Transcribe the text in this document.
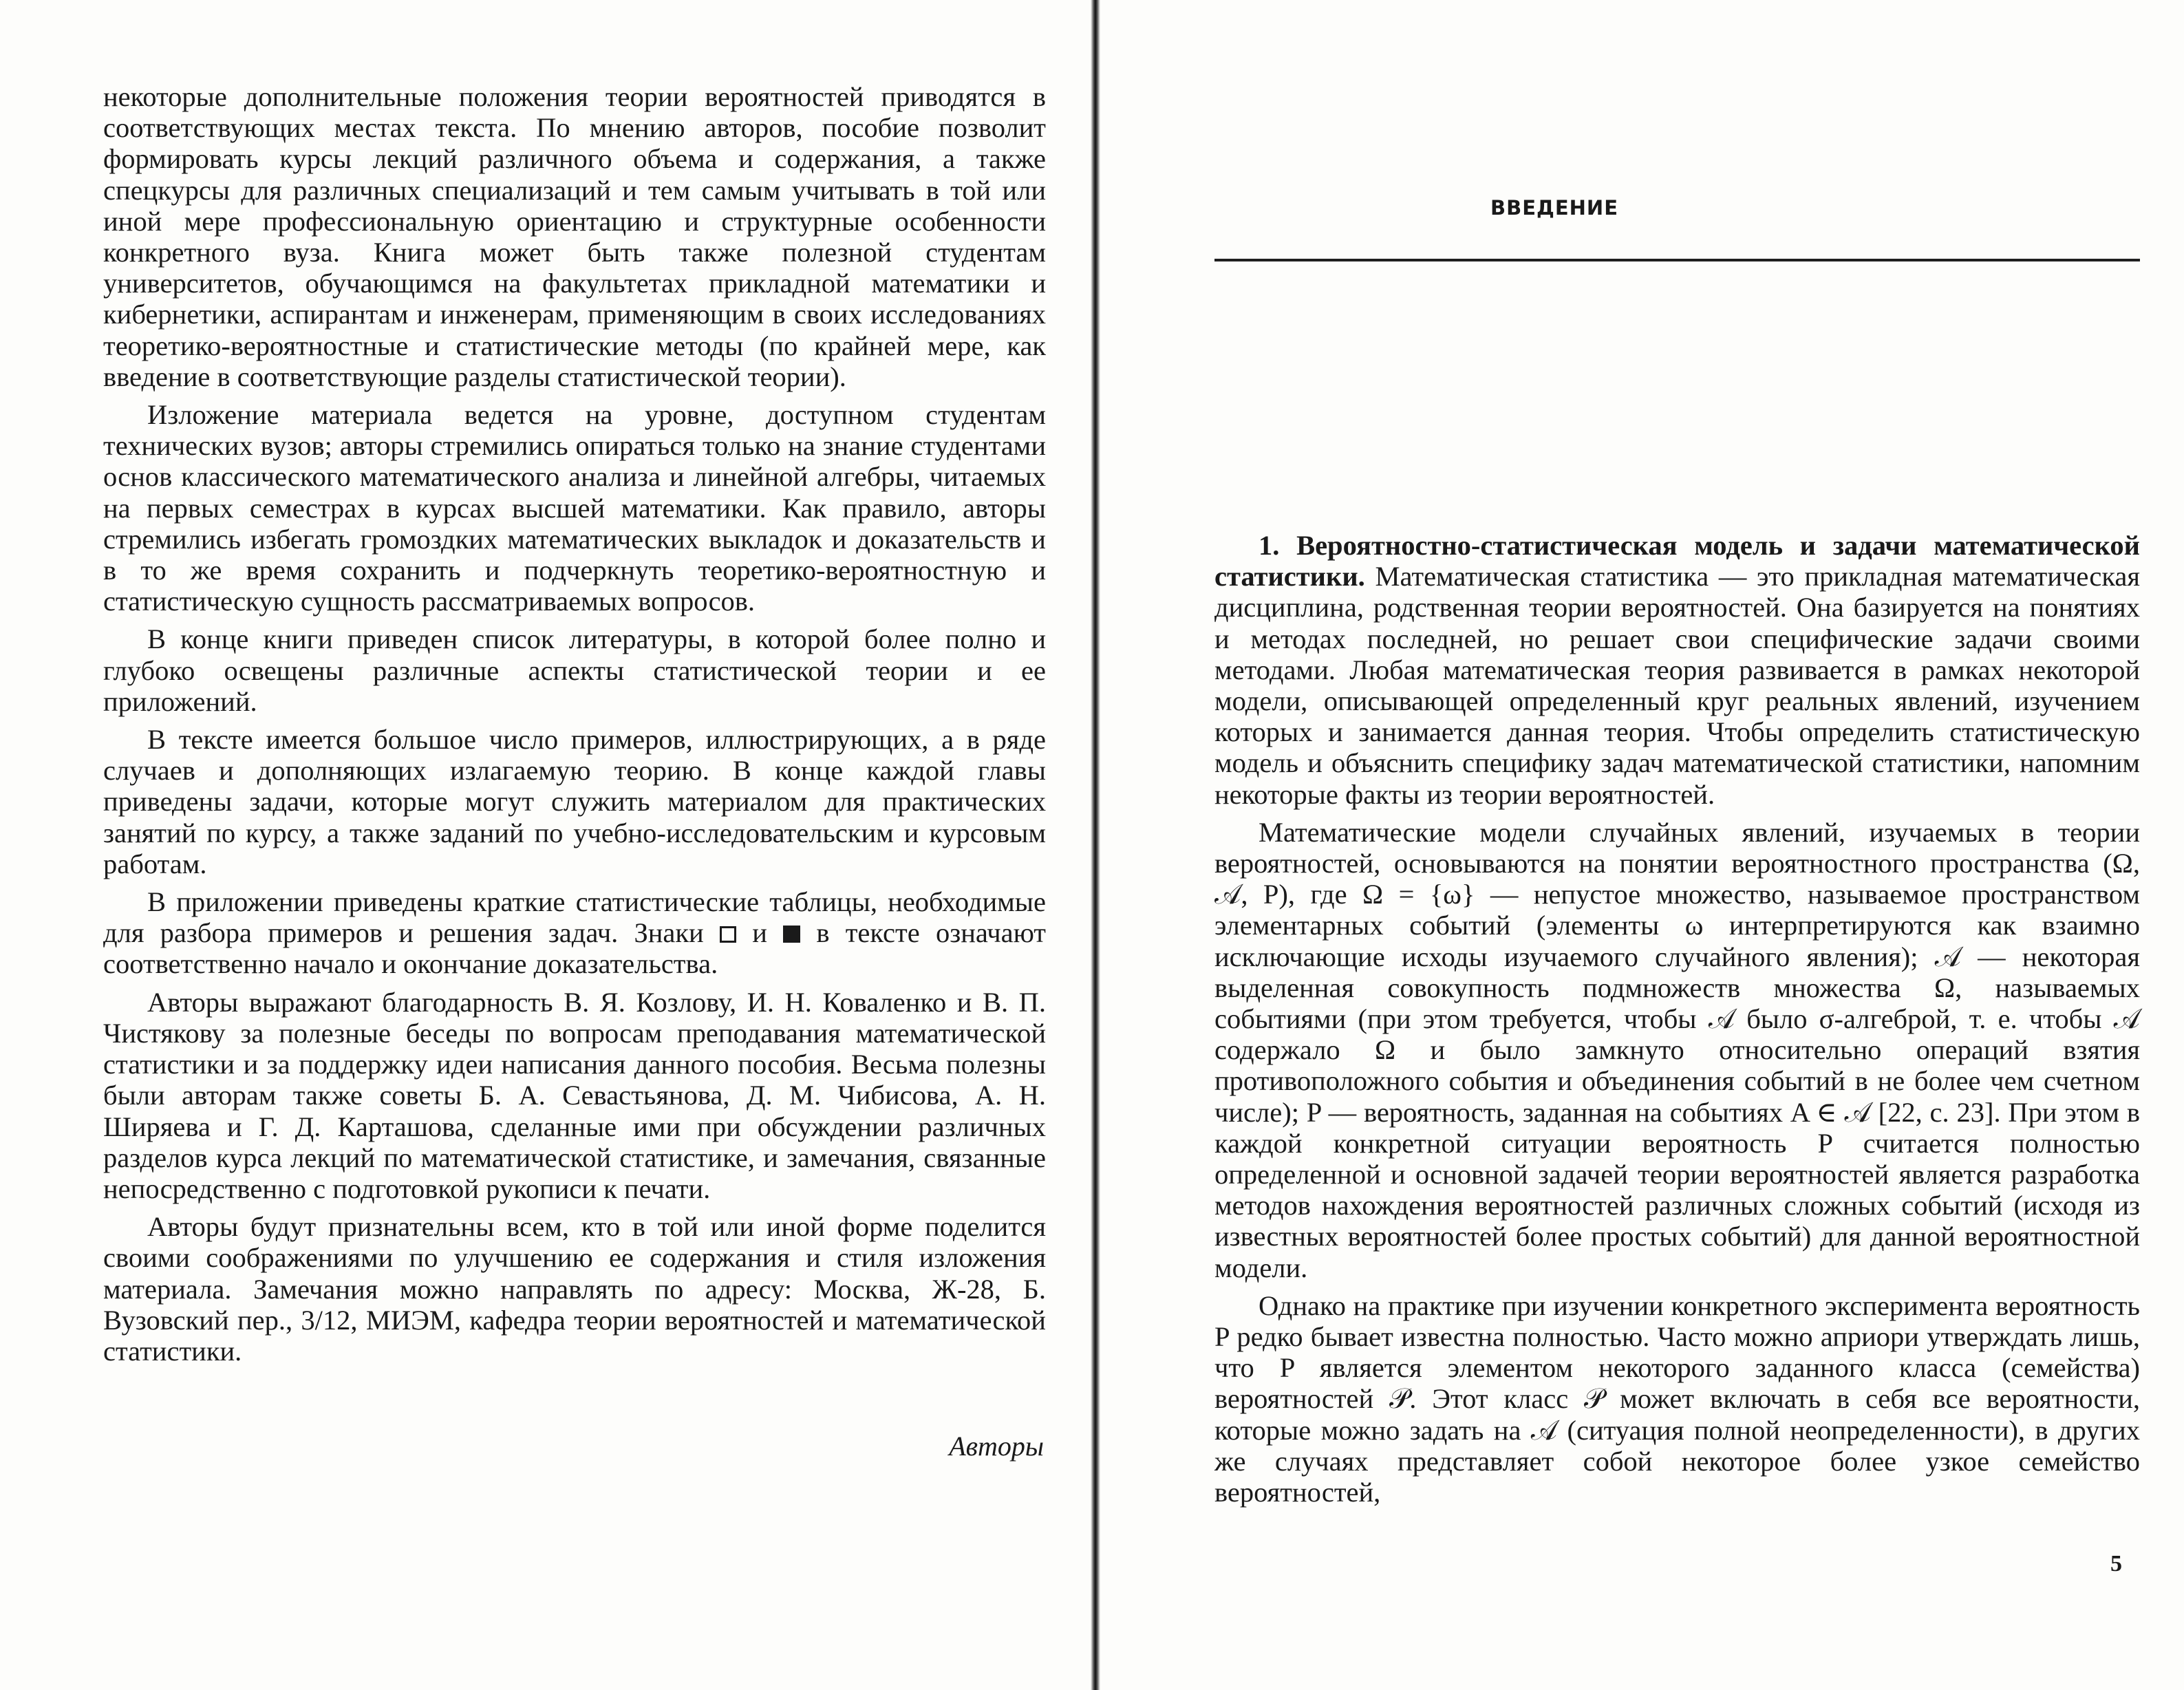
некоторые дополнительные положения теории вероятностей приводятся в соответствующих местах текста. По мнению авторов, пособие позволит формировать курсы лекций различного объема и содержания, а также спецкурсы для различных специализаций и тем самым учитывать в той или иной мере профессиональную ориентацию и структурные особенности конкретного вуза. Книга может быть также полезной студентам университетов, обучающимся на факультетах прикладной математики и кибернетики, аспирантам и инженерам, применяющим в своих исследованиях теоретико-вероятностные и статистические методы (по крайней мере, как введение в соответствующие разделы статистической теории).

Изложение материала ведется на уровне, доступном студентам технических вузов; авторы стремились опираться только на знание студентами основ классического математического анализа и линейной алгебры, читаемых на первых семестрах в курсах высшей математики. Как правило, авторы стремились избегать громоздких математических выкладок и доказательств и в то же время сохранить и подчеркнуть теоретико-вероятностную и статистическую сущность рассматриваемых вопросов.

В конце книги приведен список литературы, в которой более полно и глубоко освещены различные аспекты статистической теории и ее приложений.

В тексте имеется большое число примеров, иллюстрирующих, а в ряде случаев и дополняющих излагаемую теорию. В конце каждой главы приведены задачи, которые могут служить материалом для практических занятий по курсу, а также заданий по учебно-исследовательским и курсовым работам.

В приложении приведены краткие статистические таблицы, необходимые для разбора примеров и решения задач. Знаки и в тексте означают соответственно начало и окончание доказательства.

Авторы выражают благодарность В. Я. Козлову, И. Н. Коваленко и В. П. Чистякову за полезные беседы по вопросам преподавания математической статистики и за поддержку идеи написания данного пособия. Весьма полезны были авторам также советы Б. А. Севастьянова, Д. М. Чибисова, А. Н. Ширяева и Г. Д. Карташова, сделанные ими при обсуждении различных разделов курса лекций по математической статистике, и замечания, связанные непосредственно с подготовкой рукописи к печати.

Авторы будут признательны всем, кто в той или иной форме поделится своими соображениями по улучшению ее содержания и стиля изложения материала. Замечания можно направлять по адресу: Москва, Ж-28, Б. Вузовский пер., 3/12, МИЭМ, кафедра теории вероятностей и математической статистики.

Авторы
ВВЕДЕНИЕ

1. Вероятностно-статистическая модель и задачи математической статистики. Математическая статистика — это прикладная математическая дисциплина, родственная теории вероятностей. Она базируется на понятиях и методах последней, но решает свои специфические задачи своими методами. Любая математическая теория развивается в рамках некоторой модели, описывающей определенный круг реальных явлений, изучением которых и занимается данная теория. Чтобы определить статистическую модель и объяснить специфику задач математической статистики, напомним некоторые факты из теории вероятностей.

Математические модели случайных явлений, изучаемых в теории вероятностей, основываются на понятии вероятностного пространства (Ω, 𝒜, P), где Ω = {ω} — непустое множество, называемое пространством элементарных событий (элементы ω интерпретируются как взаимно исключающие исходы изучаемого случайного явления); 𝒜 — некоторая выделенная совокупность подмножеств множества Ω, называемых событиями (при этом требуется, чтобы 𝒜 было σ-алгеброй, т. е. чтобы 𝒜 содержало Ω и было замкнуто относительно операций взятия противоположного события и объединения событий в не более чем счетном числе); P — вероятность, заданная на событиях A ∈ 𝒜 [22, с. 23]. При этом в каждой конкретной ситуации вероятность P считается полностью определенной и основной задачей теории вероятностей является разработка методов нахождения вероятностей различных сложных событий (исходя из известных вероятностей более простых событий) для данной вероятностной модели.

Однако на практике при изучении конкретного эксперимента вероятность P редко бывает известна полностью. Часто можно априори утверждать лишь, что P является элементом некоторого заданного класса (семейства) вероятностей 𝒫. Этот класс 𝒫 может включать в себя все вероятности, которые можно задать на 𝒜 (ситуация полной неопределенности), в других же случаях представляет собой некоторое более узкое семейство вероятностей,

5
